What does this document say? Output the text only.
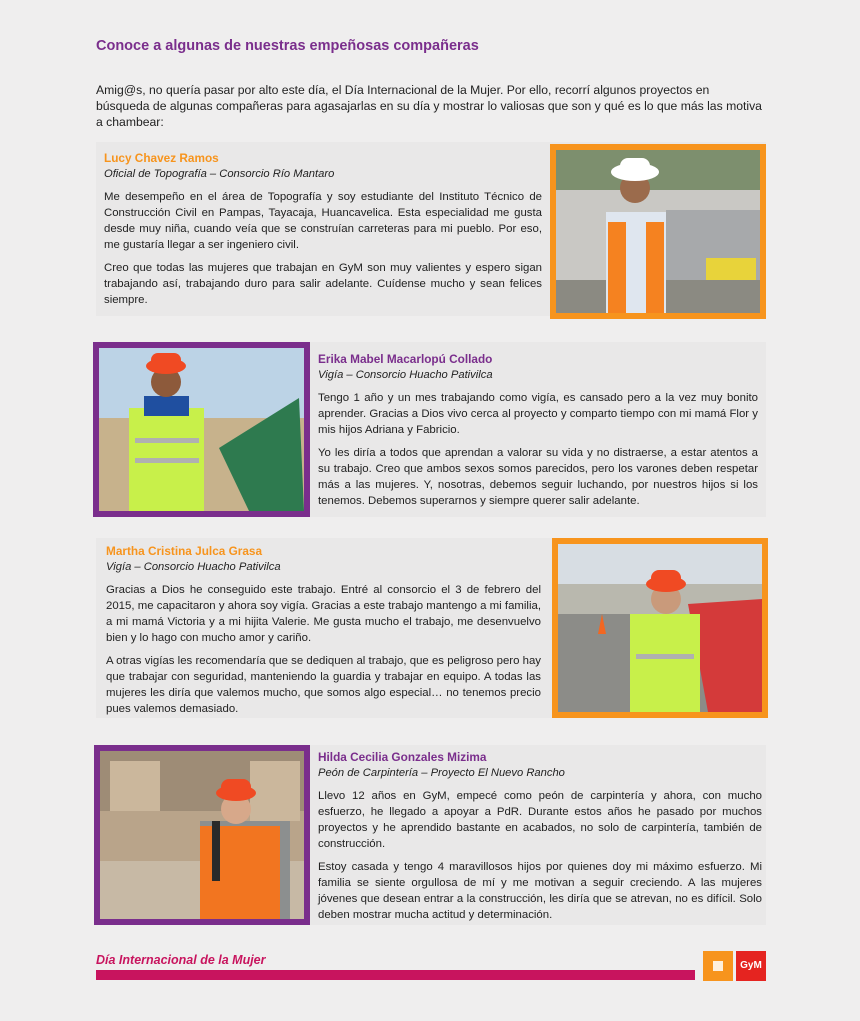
Conoce a algunas de nuestras empeñosas compañeras
Amig@s, no quería pasar por alto este día, el Día Internacional de la Mujer. Por ello, recorrí algunos proyectos en búsqueda de algunas compañeras para agasajarlas en su día y mostrar lo valiosas que son y qué es lo que más las motiva a chambear:
Lucy Chavez Ramos
Oficial de Topografía – Consorcio Río Mantaro

Me desempeño en el área de Topografía y soy estudiante del Instituto Técnico de Construcción Civil en Pampas, Tayacaja, Huancavelica. Esta especialidad me gusta desde muy niña, cuando veía que se construían carreteras para mi pueblo. Por eso, me gustaría llegar a ser ingeniero civil.

Creo que todas las mujeres que trabajan en GyM son muy valientes y espero sigan trabajando así, trabajando duro para salir adelante. Cuídense mucho y sean felices siempre.

Erika Mabel Macarlopú Collado
Vigía – Consorcio Huacho Pativilca

Tengo 1 año y un mes trabajando como vigía, es cansado pero a la vez muy bonito aprender. Gracias a Dios vivo cerca al proyecto y comparto tiempo con mi mamá Flor y mis hijos Adriana y Fabricio.

Yo les diría a todos que aprendan a valorar su vida y no distraerse, a estar atentos a su trabajo. Creo que ambos sexos somos parecidos, pero los varones deben respetar más a las mujeres. Y, nosotras, debemos seguir luchando, por nuestros hijos si los tenemos. Debemos superarnos y siempre querer salir adelante.

Martha Cristina Julca Grasa
Vigía – Consorcio Huacho Pativilca

Gracias a Dios he conseguido este trabajo. Entré al consorcio el 3 de febrero del 2015, me capacitaron y ahora soy vigía. Gracias a este trabajo mantengo a mi familia, a mi mamá Victoria y a mi hijita Valerie. Me gusta mucho el trabajo, me desenvuelvo bien y lo hago con mucho amor y cariño.

A otras vigías les recomendaría que se dediquen al trabajo, que es peligroso pero hay que trabajar con seguridad, manteniendo la guardia y trabajar en equipo. A todas las mujeres les diría que valemos mucho, que somos algo especial… no tenemos precio pues valemos demasiado.

Hilda Cecilia Gonzales Mizima
Peón de Carpintería – Proyecto El Nuevo Rancho

Llevo 12 años en GyM, empecé como peón de carpintería y ahora, con mucho esfuerzo, he llegado a apoyar a PdR. Durante estos años he pasado por muchos proyectos y he aprendido bastante en acabados, no solo de carpintería, también de construcción.

Estoy casada y tengo 4 maravillosos hijos por quienes doy mi máximo esfuerzo. Mi familia se siente orgullosa de mí y me motivan a seguir creciendo. A las mujeres jóvenes que desean entrar a la construcción, les diría que se atrevan, no es difícil. Solo deben mostrar mucha actitud y determinación.

Día Internacional de la Mujer	GyM
